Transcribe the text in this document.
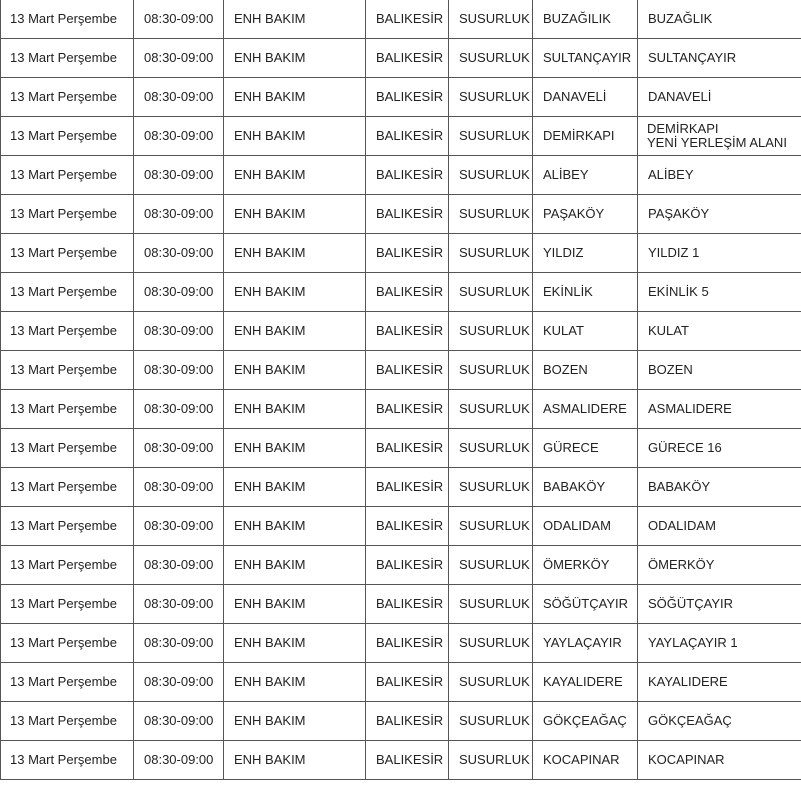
13 Mart Perşembe	08:30-09:00	ENH BAKIM	BALIKESİR	SUSURLUK	BUZAĞILIK	BUZAĞLIK
13 Mart Perşembe	08:30-09:00	ENH BAKIM	BALIKESİR	SUSURLUK	SULTANÇAYIR	SULTANÇAYIR
13 Mart Perşembe	08:30-09:00	ENH BAKIM	BALIKESİR	SUSURLUK	DANAVELİ	DANAVELİ
13 Mart Perşembe	08:30-09:00	ENH BAKIM	BALIKESİR	SUSURLUK	DEMİRKAPI	DEMİRKAPI
YENİ YERLEŞİM ALANI

13 Mart Perşembe	08:30-09:00	ENH BAKIM	BALIKESİR	SUSURLUK	ALİBEY	ALİBEY
13 Mart Perşembe	08:30-09:00	ENH BAKIM	BALIKESİR	SUSURLUK	PAŞAKÖY	PAŞAKÖY
13 Mart Perşembe	08:30-09:00	ENH BAKIM	BALIKESİR	SUSURLUK	YILDIZ	YILDIZ 1
13 Mart Perşembe	08:30-09:00	ENH BAKIM	BALIKESİR	SUSURLUK	EKİNLİK	EKİNLİK 5
13 Mart Perşembe	08:30-09:00	ENH BAKIM	BALIKESİR	SUSURLUK	KULAT	KULAT
13 Mart Perşembe	08:30-09:00	ENH BAKIM	BALIKESİR	SUSURLUK	BOZEN	BOZEN
13 Mart Perşembe	08:30-09:00	ENH BAKIM	BALIKESİR	SUSURLUK	ASMALIDERE	ASMALIDERE
13 Mart Perşembe	08:30-09:00	ENH BAKIM	BALIKESİR	SUSURLUK	GÜRECE	GÜRECE 16
13 Mart Perşembe	08:30-09:00	ENH BAKIM	BALIKESİR	SUSURLUK	BABAKÖY	BABAKÖY
13 Mart Perşembe	08:30-09:00	ENH BAKIM	BALIKESİR	SUSURLUK	ODALIDAM	ODALIDAM
13 Mart Perşembe	08:30-09:00	ENH BAKIM	BALIKESİR	SUSURLUK	ÖMERKÖY	ÖMERKÖY
13 Mart Perşembe	08:30-09:00	ENH BAKIM	BALIKESİR	SUSURLUK	SÖĞÜTÇAYIR	SÖĞÜTÇAYIR
13 Mart Perşembe	08:30-09:00	ENH BAKIM	BALIKESİR	SUSURLUK	YAYLAÇAYIR	YAYLAÇAYIR 1
13 Mart Perşembe	08:30-09:00	ENH BAKIM	BALIKESİR	SUSURLUK	KAYALIDERE	KAYALIDERE
13 Mart Perşembe	08:30-09:00	ENH BAKIM	BALIKESİR	SUSURLUK	GÖKÇEAĞAÇ	GÖKÇEAĞAÇ
13 Mart Perşembe	08:30-09:00	ENH BAKIM	BALIKESİR	SUSURLUK	KOCAPINAR	KOCAPINAR
